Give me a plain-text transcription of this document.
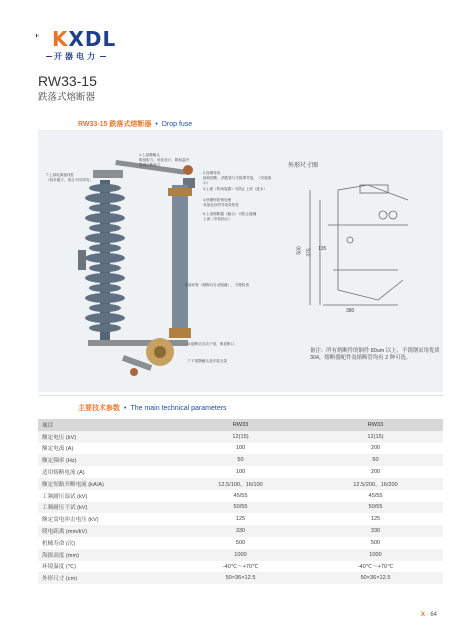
KXDL
开器电力
RW33-15
跌落式熔断器
RW33-15 跌落式熔断器 • Drop fuse
1.上部静触头
极低阻力，优化设计，降低温升
提高分断能力
7.上部电源接线柱
（较多端子，适合不同导线）
2.连铜导线
熔丝熔断，消弧管与灭弧罩对接，（安装指示）
3.上面（防雨装置）可防止上部（进水）
4.热镀锌防锈处理
具备良好的导电导热性
5.上部熔断器（触头）可防止碰撞
上部（安装指示）
6.熔丝管（熔断后自动脱落），方便检查
8.熔断后自动下垂，明显断口
7.下部静触头及安装支架
外形尺寸图
500 375
380
135
备注：所有熔断件的铜件 80um 以上，不锈钢采用优质 304，熔断器配件及熔断管均有 2 种可选。
主要技术参数 • The main technical parameters
项目	RW33	RW33
额定电压 (kV)	12(15)	12(15)
额定电流 (A)	100	200
额定频率 (Hz)	50	50
适用熔断电流 (A)	100	200
额定短路开断电流 (kA/A)	12.5/100、16/100	12.5/200、16/200
工频耐压湿试 (kV)	45/55	45/55
工频耐压干试 (kV)	50/55	50/55
额定雷电冲击电压 (kV)	125	125
爬电距离 (mm/kV)	330	330
机械寿命 (次)	500	500
海拔高度 (mm)	1000	1000
环境温度 (℃)	-40℃～+70℃	-40℃～+70℃
外形尺寸 (cm)	50×36×12.5	50×36×12.5
X · 64
